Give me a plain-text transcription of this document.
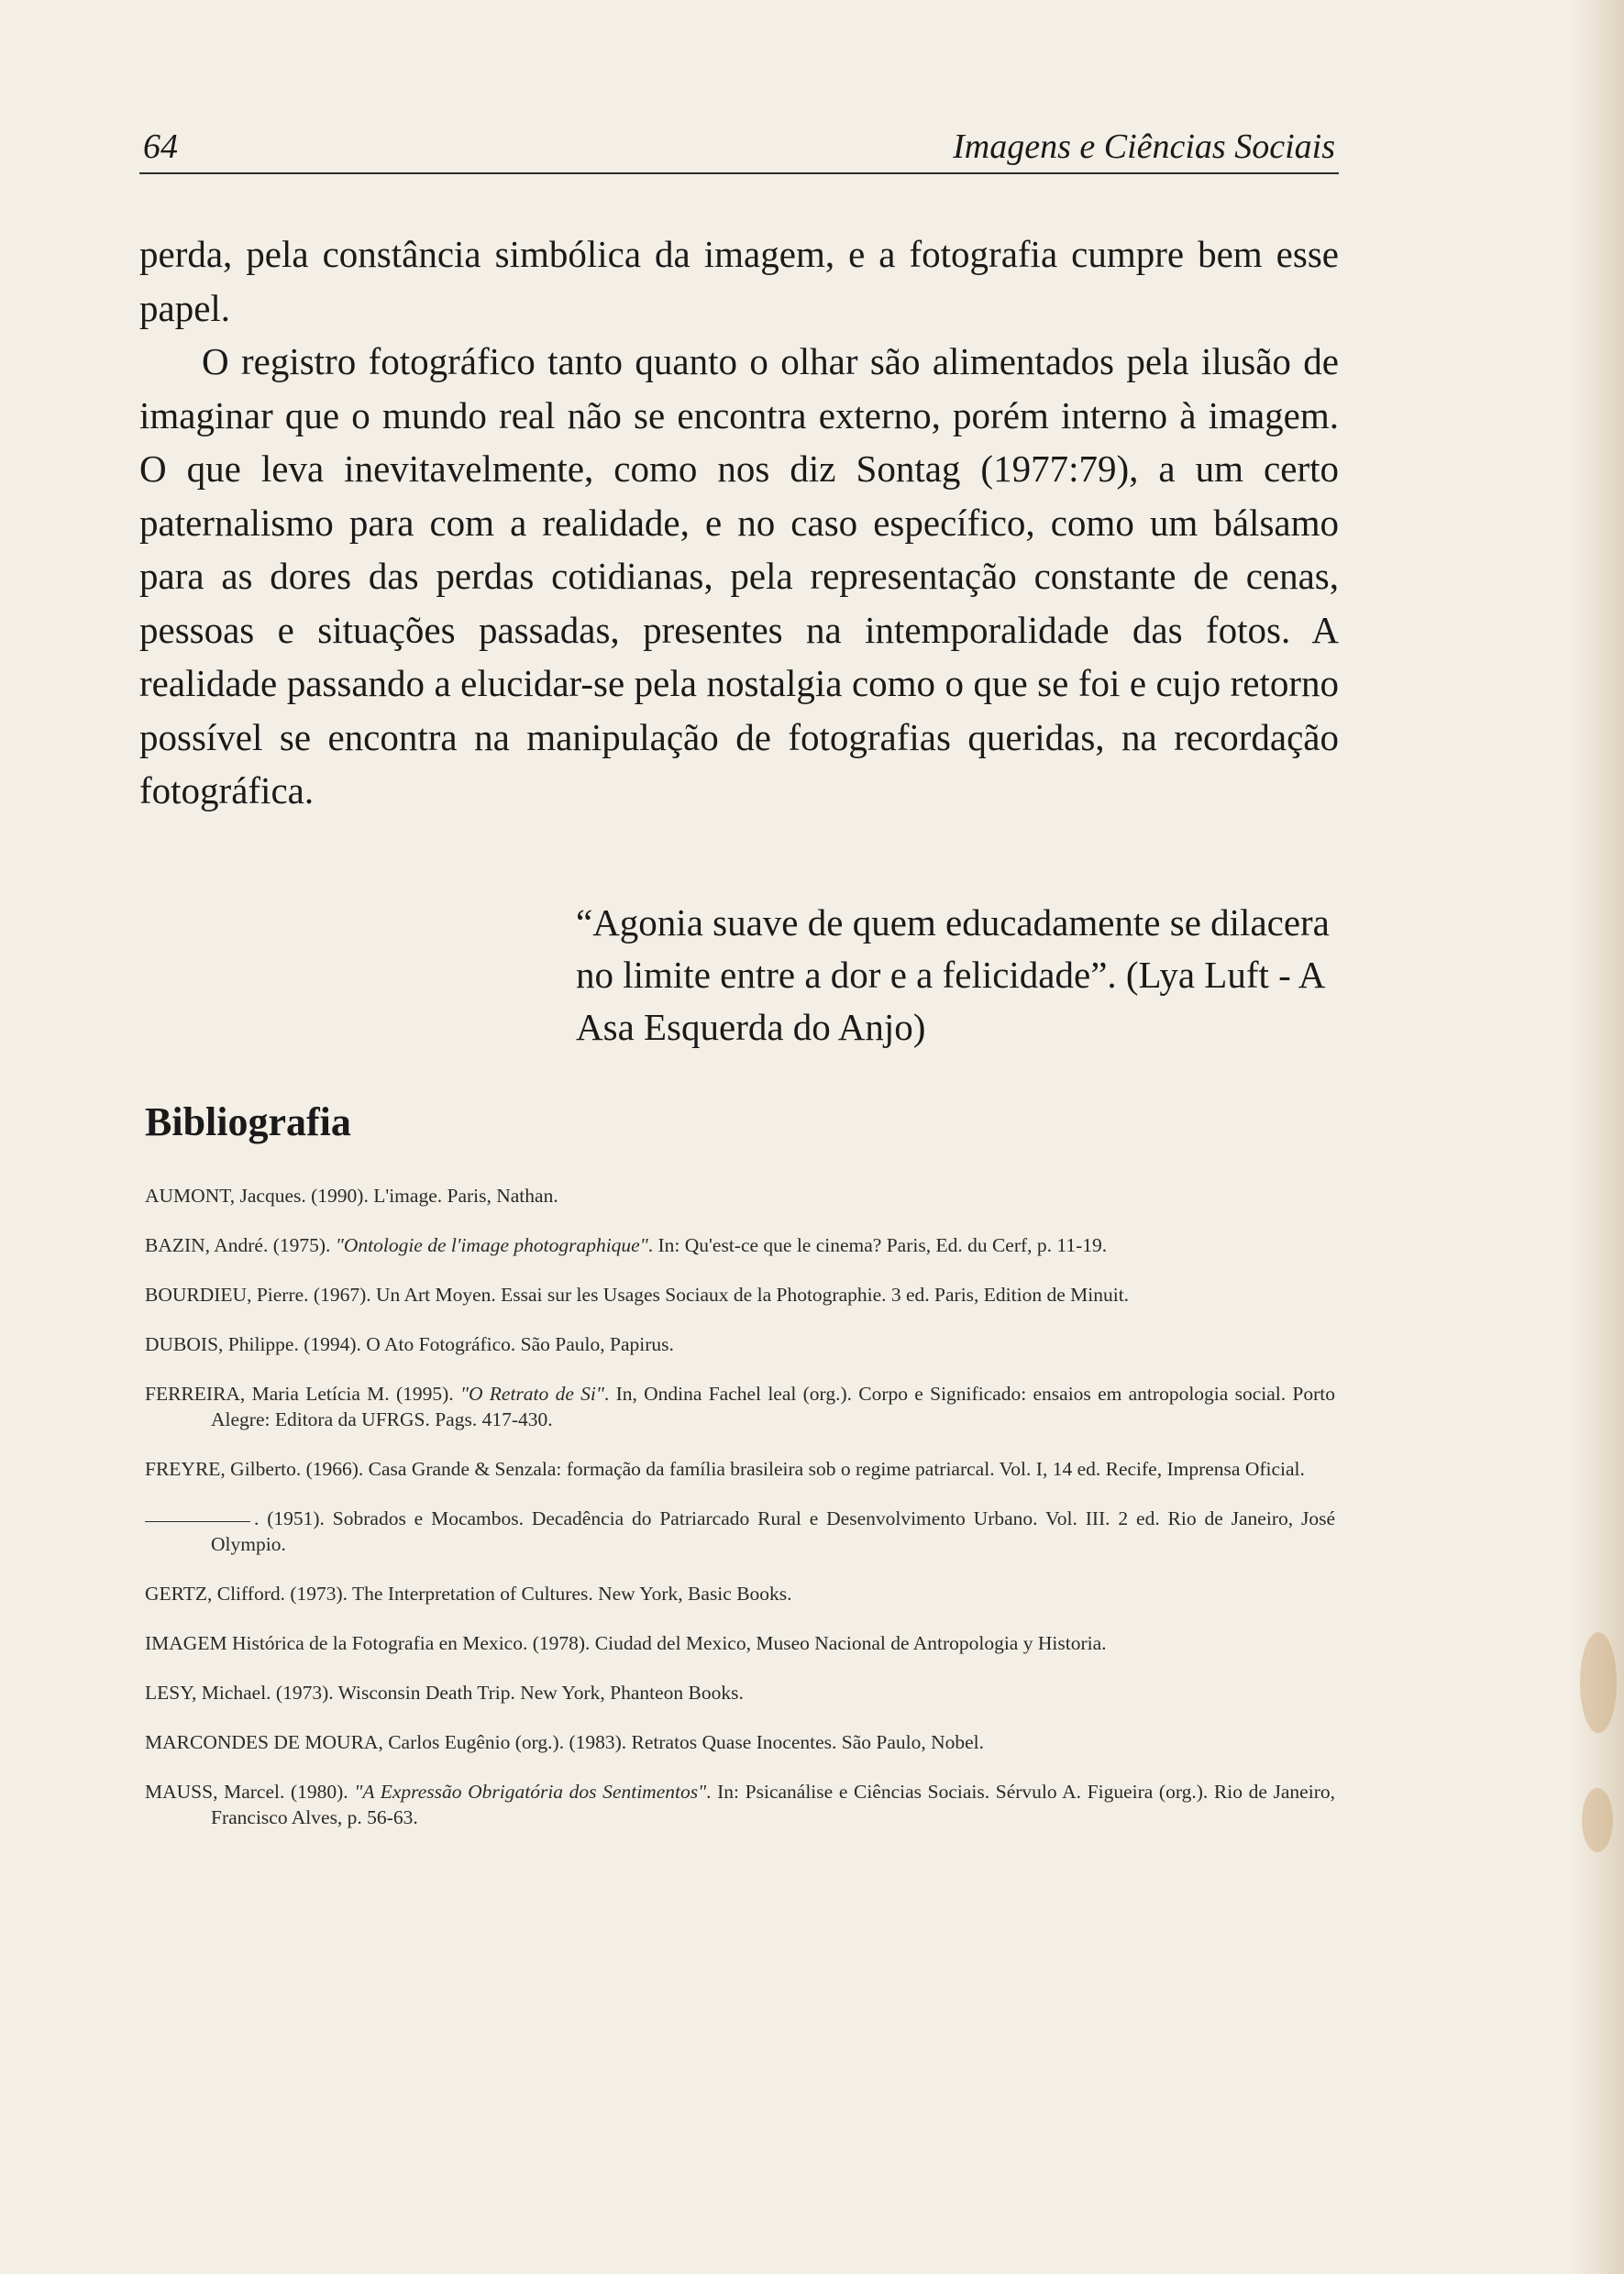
64	Imagens e Ciências Sociais

perda, pela constância simbólica da imagem, e a fotografia cumpre bem esse papel.

O registro fotográfico tanto quanto o olhar são alimentados pela ilusão de imaginar que o mundo real não se encontra externo, porém interno à imagem. O que leva inevitavelmente, como nos diz Sontag (1977:79), a um certo paternalismo para com a realidade, e no caso específico, como um bálsamo para as dores das perdas cotidianas, pela representação constante de cenas, pessoas e situações passadas, presentes na intemporalidade das fotos. A realidade passando a elucidar-se pela nostalgia como o que se foi e cujo retorno possível se encontra na manipulação de fotografias queridas, na recordação fotográfica.

“Agonia suave de quem educadamente se dilacera no limite entre a dor e a felicidade”. (Lya Luft - A Asa Esquerda do Anjo)
Bibliografia

AUMONT, Jacques. (1990). L'image. Paris, Nathan.

BAZIN, André. (1975). "Ontologie de l'image photographique". In: Qu'est-ce que le cinema? Paris, Ed. du Cerf, p. 11-19.

BOURDIEU, Pierre. (1967). Un Art Moyen. Essai sur les Usages Sociaux de la Photographie. 3 ed. Paris, Edition de Minuit.

DUBOIS, Philippe. (1994). O Ato Fotográfico. São Paulo, Papirus.

FERREIRA, Maria Letícia M. (1995). "O Retrato de Si". In, Ondina Fachel leal (org.). Corpo e Significado: ensaios em antropologia social. Porto Alegre: Editora da UFRGS. Pags. 417-430.

FREYRE, Gilberto. (1966). Casa Grande & Senzala: formação da família brasileira sob o regime patriarcal. Vol. I, 14 ed. Recife, Imprensa Oficial.

. (1951). Sobrados e Mocambos. Decadência do Patriarcado Rural e Desenvolvimento Urbano. Vol. III. 2 ed. Rio de Janeiro, José Olympio.

GERTZ, Clifford. (1973). The Interpretation of Cultures. New York, Basic Books.

IMAGEM Histórica de la Fotografia en Mexico. (1978). Ciudad del Mexico, Museo Nacional de Antropologia y Historia.

LESY, Michael. (1973). Wisconsin Death Trip. New York, Phanteon Books.

MARCONDES DE MOURA, Carlos Eugênio (org.). (1983). Retratos Quase Inocentes. São Paulo, Nobel.

MAUSS, Marcel. (1980). "A Expressão Obrigatória dos Sentimentos". In: Psicanálise e Ciências Sociais. Sérvulo A. Figueira (org.). Rio de Janeiro, Francisco Alves, p. 56-63.
